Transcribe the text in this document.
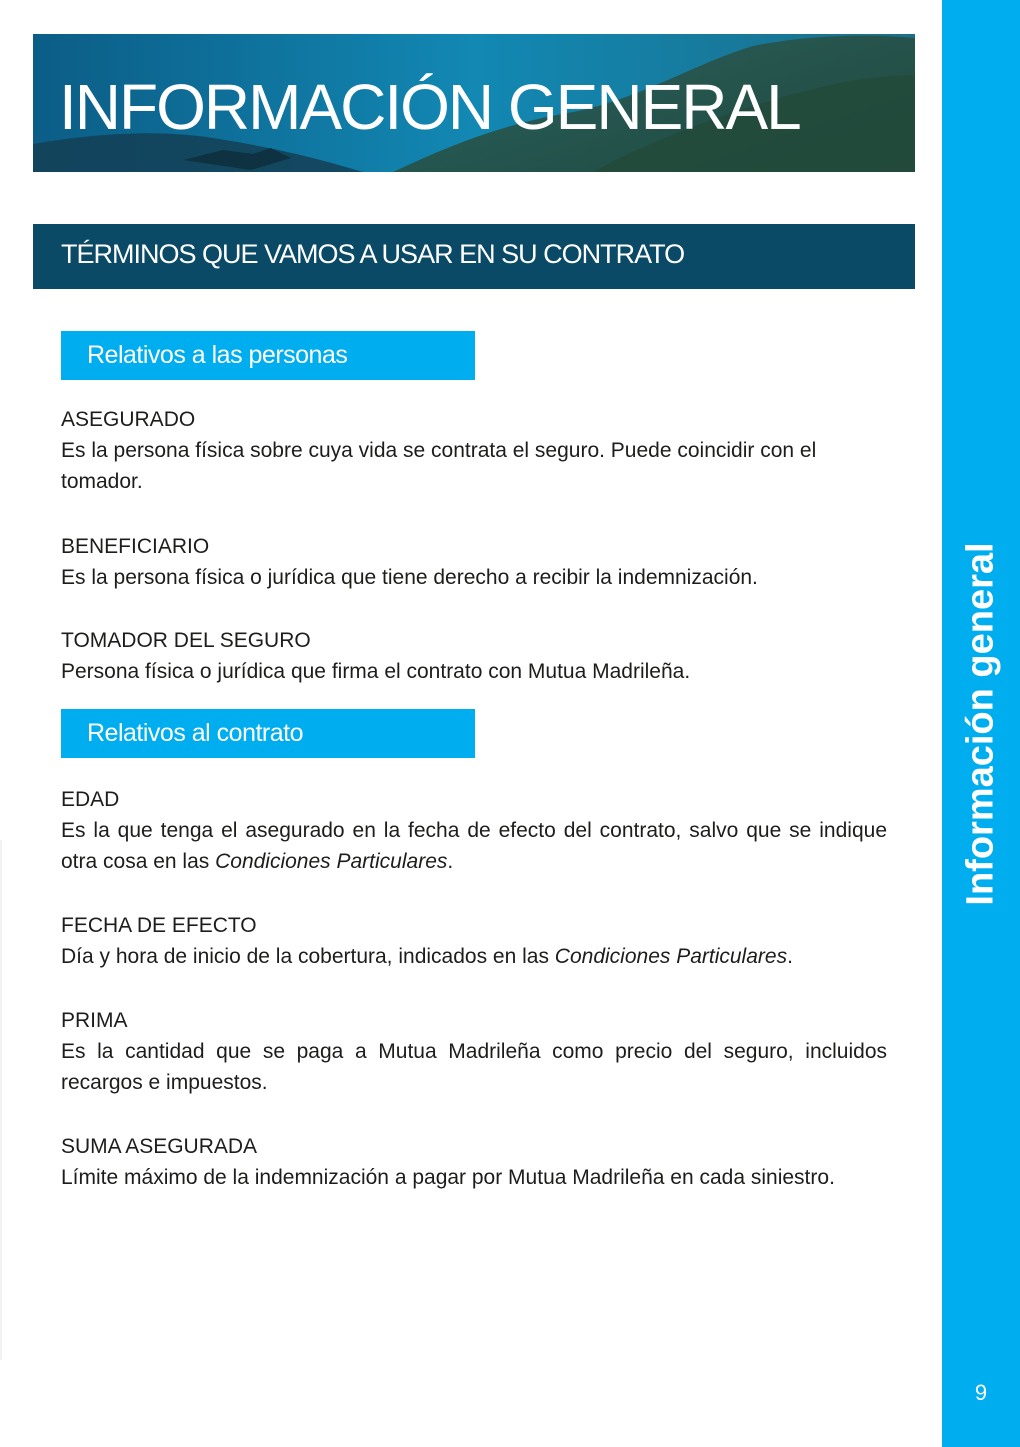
Información general
9
INFORMACIÓN GENERAL
TÉRMINOS QUE VAMOS A USAR EN SU CONTRATO
Relativos a las personas
ASEGURADO
Es la persona física sobre cuya vida se contrata el seguro. Puede coincidir con el tomador.
BENEFICIARIO
Es la persona física o jurídica que tiene derecho a recibir la indemnización.
TOMADOR DEL SEGURO
Persona física o jurídica que firma el contrato con Mutua Madrileña.
Relativos al contrato
EDAD
Es la que tenga el asegurado en la fecha de efecto del contrato, salvo que se indique otra cosa en las Condiciones Particulares.
FECHA DE EFECTO
Día y hora de inicio de la cobertura, indicados en las Condiciones Particulares.
PRIMA
Es la cantidad que se paga a Mutua Madrileña como precio del seguro, incluidos recargos e impuestos.
SUMA ASEGURADA
Límite máximo de la indemnización a pagar por Mutua Madrileña en cada siniestro.
